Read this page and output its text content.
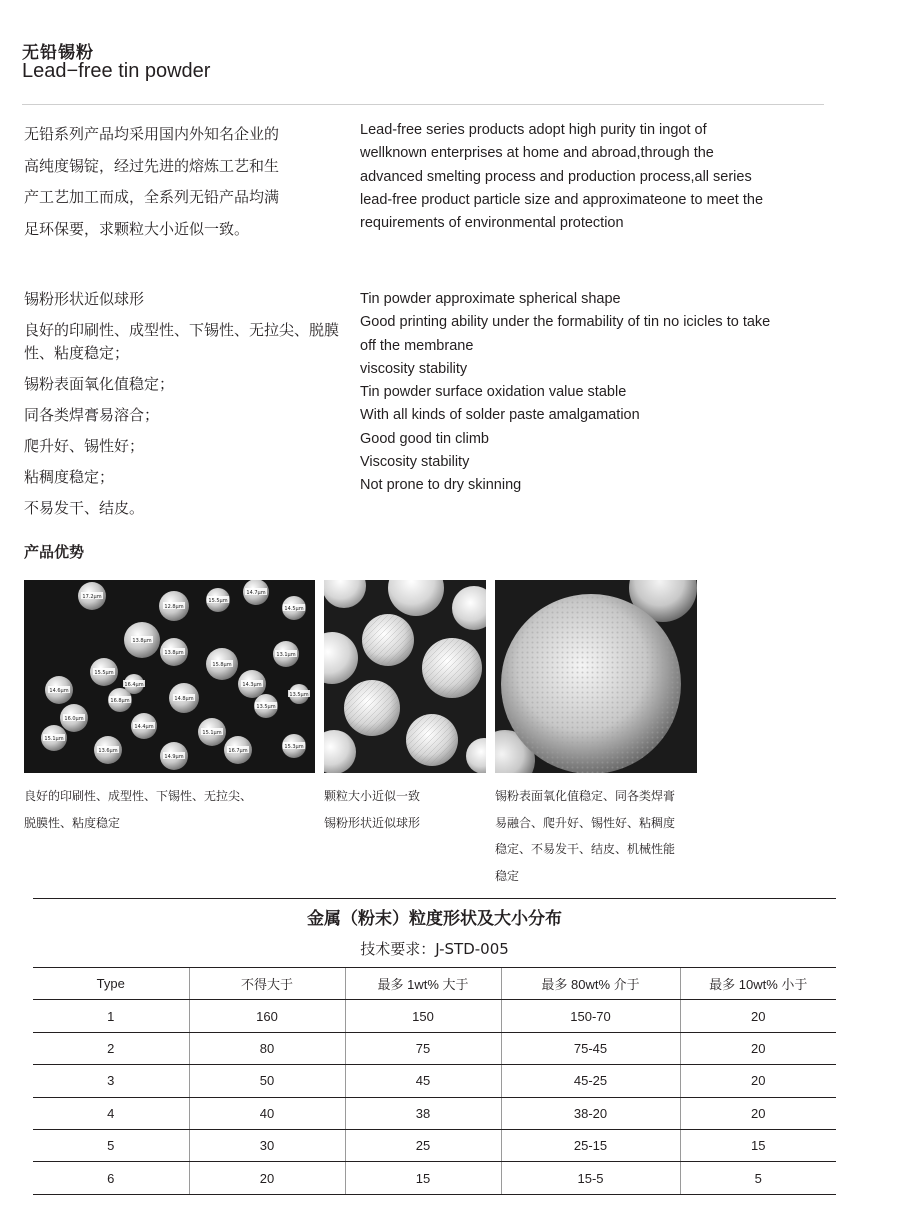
无铅锡粉
Lead−free tin powder
无铅系列产品均采用国内外知名企业的
高纯度锡锭，经过先进的熔炼工艺和生
产工艺加工而成，全系列无铅产品均满
足环保要，求颗粒大小近似一致。
Lead-free series products adopt high purity tin ingot of
wellknown enterprises at home and abroad,through the
advanced smelting process and production process,all series
lead-free product particle size and approximateone to meet the
requirements of environmental protection
锡粉形状近似球形
良好的印刷性、成型性、下锡性、无拉尖、脱膜性、粘度稳定；
锡粉表面氧化值稳定；
同各类焊膏易溶合；
爬升好、锡性好；
粘稠度稳定；
不易发干、结皮。
Tin powder approximate spherical shape
Good printing ability under the formability of tin no icicles to take
off the membrane
viscosity stability
Tin powder surface oxidation value stable
With all kinds of solder paste amalgamation
Good good tin climb
Viscosity stability
Not prone to dry skinning
产品优势
17.2μm
12.8μm
15.5μm
14.7μm
14.5μm
13.8μm
15.5μm
13.8μm
15.8μm
13.1μm
14.6μm
16.8μm	14.8μm
14.3μm
13.5μm
16.0μm
14.4μm
15.1μm
13.5μm
15.1μm
13.6μm
14.9μm
16.7μm
15.3μm
16.4μm
良好的印刷性、成型性、下锡性、无拉尖、
脱膜性、粘度稳定
颗粒大小近似一致
锡粉形状近似球形
锡粉表面氧化值稳定、同各类焊膏
易融合、爬升好、锡性好、粘稠度
稳定、不易发干、结皮、机械性能
稳定
金属（粉末）粒度形状及大小分布
技术要求：J-STD-005
Type	不得大于	最多 1wt% 大于	最多 80wt% 介于	最多 10wt% 小于
1	160	150	150-70	20
2	80	75	75-45	20
3	50	45	45-25	20
4	40	38	38-20	20
5	30	25	25-15	15
6	20	15	15-5	5
